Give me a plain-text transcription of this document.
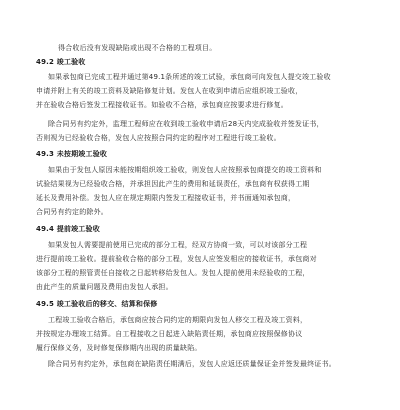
得合收后没有发现缺陷或出现不合格的工程项目。
49.2 竣工验收
如果承包商已完成工程并通过第49.1条所述的竣工试验，承包商可向发包人提交竣工验收
申请并附上有关的竣工资料及缺陷修复计划。发包人在收到申请后应组织竣工验收，
并在验收合格后签发工程接收证书。如验收不合格，承包商应按要求进行修复。
除合同另有约定外，监理工程师应在收到竣工验收申请后28天内完成验收并签发证书，
否则视为已经验收合格，发包人应按照合同约定的程序对工程进行竣工验收。
49.3 未按期竣工验收
如果由于发包人原因未能按期组织竣工验收，则发包人应按照承包商提交的竣工资料和
试验结果视为已经验收合格，并承担因此产生的费用和延误责任，承包商有权获得工期
延长及费用补偿。发包人应在规定期限内签发工程接收证书，并书面通知承包商，
合同另有约定的除外。
49.4 提前竣工验收
如果发包人需要提前使用已完成的部分工程，经双方协商一致，可以对该部分工程
进行提前竣工验收。提前验收合格的部分工程，发包人应签发相应的接收证书，承包商对
该部分工程的照管责任自接收之日起转移给发包人。发包人提前使用未经验收的工程，
由此产生的质量问题及费用由发包人承担。
49.5 竣工验收后的移交、结算和保修
工程竣工验收合格后，承包商应按合同约定的期限向发包人移交工程及竣工资料，
并按规定办理竣工结算。自工程接收之日起进入缺陷责任期，承包商应按照保修协议
履行保修义务，及时修复保修期内出现的质量缺陷。
除合同另有约定外，承包商在缺陷责任期满后，发包人应返还质量保证金并签发最终证书。
